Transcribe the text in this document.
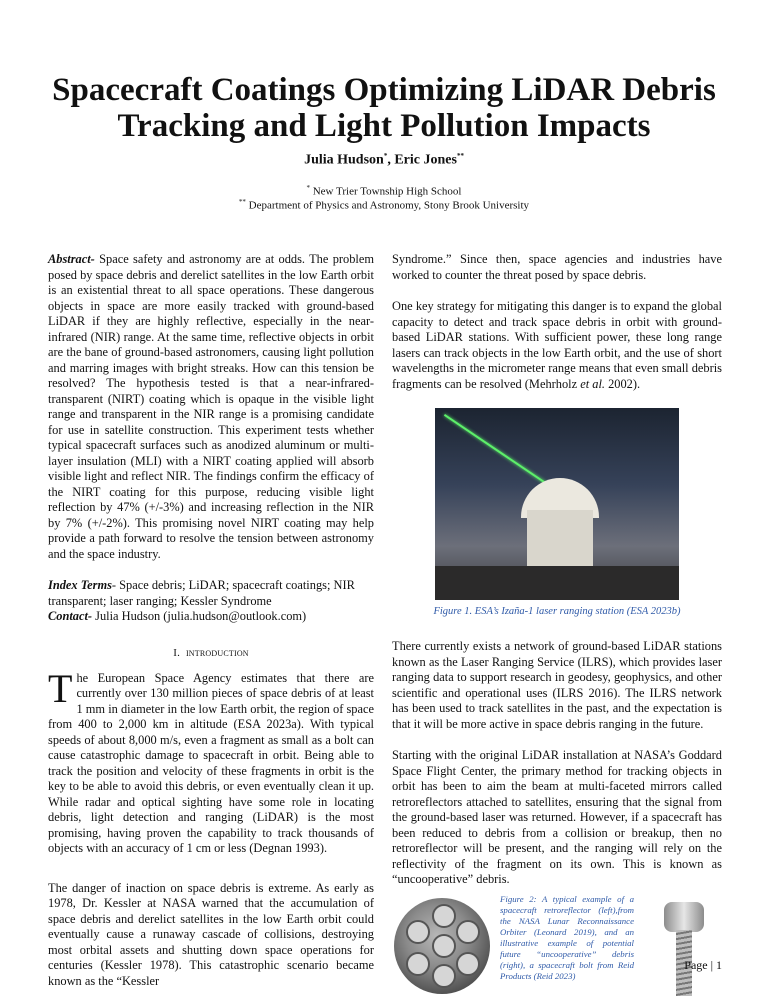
Spacecraft Coatings Optimizing LiDAR Debris Tracking and Light Pollution Impacts
Julia Hudson*, Eric Jones**
* New Trier Township High School
** Department of Physics and Astronomy, Stony Brook University

Abstract- Space safety and astronomy are at odds. The problem posed by space debris and derelict satellites in the low Earth orbit is an existential threat to all space operations. These dangerous objects in space are more easily tracked with ground-based LiDAR if they are highly reflective, especially in the near-infrared (NIR) range. At the same time, reflective objects in orbit are the bane of ground-based astronomers, causing light pollution and marring images with bright streaks. How can this tension be resolved? The hypothesis tested is that a near-infrared-transparent (NIRT) coating which is opaque in the visible light range and transparent in the NIR range is a promising candidate for use in satellite construction. This experiment tests whether typical spacecraft surfaces such as anodized aluminum or multi-layer insulation (MLI) with a NIRT coating applied will absorb visible light and reflect NIR. The findings confirm the efficacy of the NIRT coating for this purpose, reducing visible light reflection by 47% (+/-3%) and increasing reflection in the NIR by 7% (+/-2%). This promising novel NIRT coating may help provide a path forward to resolve the tension between astronomy and the space industry.

Index Terms- Space debris; LiDAR; spacecraft coatings; NIR transparent; laser ranging; Kessler Syndrome

Contact- Julia Hudson (julia.hudson@outlook.com)

I. introduction

The European Space Agency estimates that there are currently over 130 million pieces of space debris of at least 1 mm in diameter in the low Earth orbit, the region of space from 400 to 2,000 km in altitude (ESA 2023a). With typical speeds of about 8,000 m/s, even a fragment as small as a bolt can cause catastrophic damage to spacecraft in orbit. Being able to track the position and velocity of these fragments in orbit is the key to be able to avoid this debris, or even eventually clean it up. While radar and optical sighting have some role in locating debris, light detection and ranging (LiDAR) is the most promising, having proven the capability to track thousands of objects with an accuracy of 1 cm or less (Degnan 1993).

The danger of inaction on space debris is extreme. As early as 1978, Dr. Kessler at NASA warned that the accumulation of space debris and derelict satellites in the low Earth orbit could eventually cause a runaway cascade of collisions, destroying most orbital assets and shutting down space operations for centuries (Kessler 1978). This catastrophic scenario became known as the “Kessler

Syndrome.” Since then, space agencies and industries have worked to counter the threat posed by space debris.

One key strategy for mitigating this danger is to expand the global capacity to detect and track space debris in orbit with ground-based LiDAR stations. With sufficient power, these long range lasers can track objects in the low Earth orbit, and the use of short wavelengths in the micrometer range means that even small debris fragments can be resolved (Mehrholz et al. 2002).

Figure 1. ESA’s Izaña-1 laser ranging station (ESA 2023b)

There currently exists a network of ground-based LiDAR stations known as the Laser Ranging Service (ILRS), which provides laser ranging data to support research in geodesy, geophysics, and other scientific and operational uses (ILRS 2016). The ILRS network has been used to track satellites in the past, and the expectation is that it will be more active in space debris ranging in the future.

Starting with the original LiDAR installation at NASA’s Goddard Space Flight Center, the primary method for tracking objects in orbit has been to aim the beam at multi-faceted mirrors called retroreflectors attached to satellites, ensuring that the signal from the ground-based laser was returned. However, if a spacecraft has been reduced to debris from a collision or breakup, then no retroreflector will be present, and the ranging will rely on the reflectivity of the fragment on its own. This is known as “uncooperative” debris.

Figure 2: A typical example of a spacecraft retroreflector (left),from the NASA Lunar Reconnaissance Orbiter (Leonard 2019), and an illustrative example of potential future “uncooperative” debris (right), a spacecraft bolt from Reid Products (Reid 2023)
Page | 1
